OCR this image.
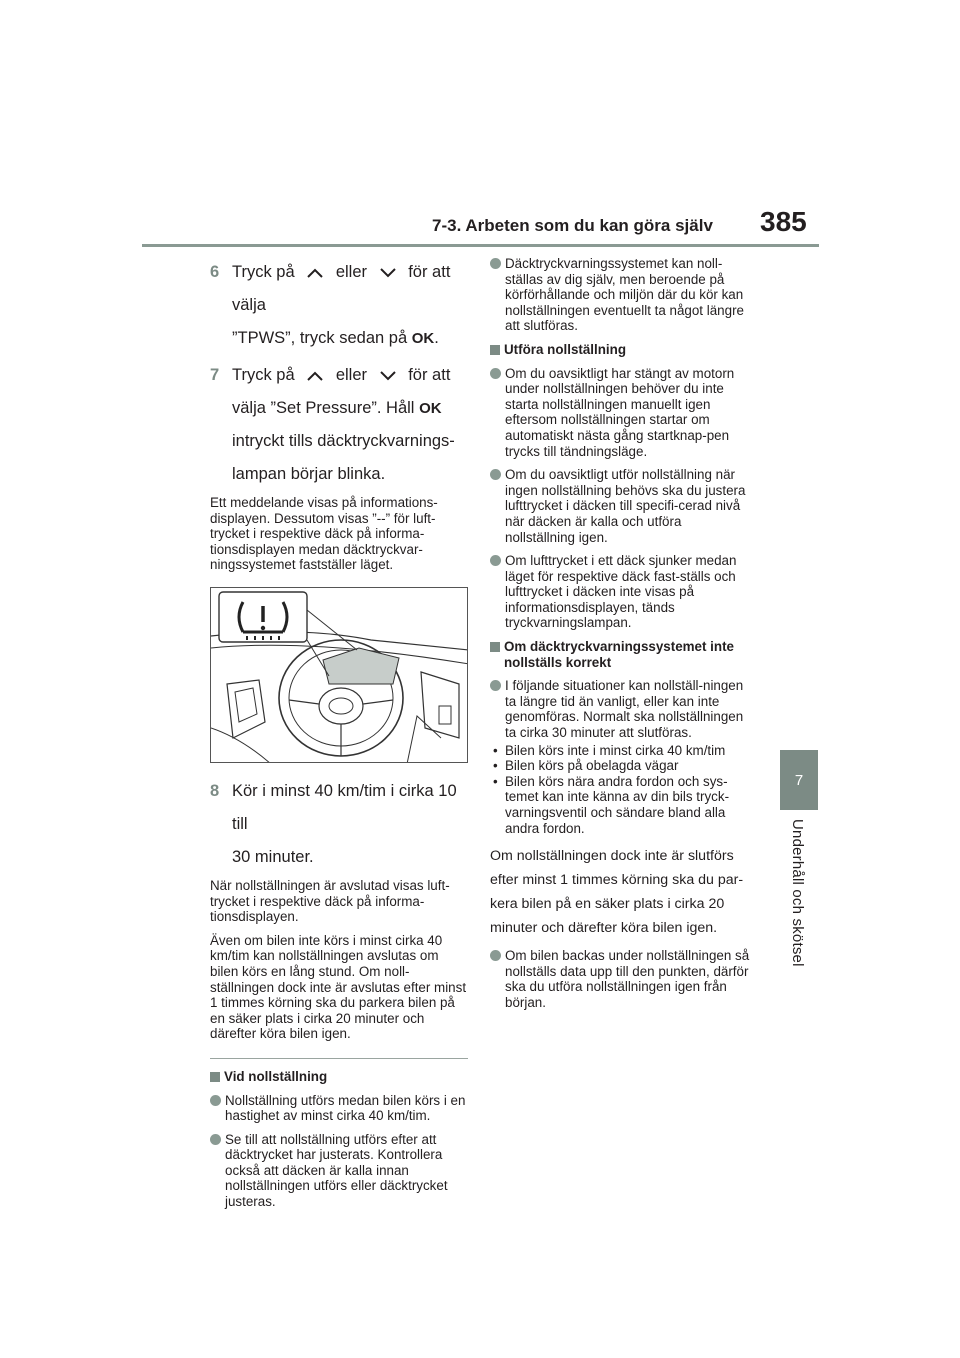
7-3. Arbeten som du kan göra själv 385
7
Underhåll och skötsel
6 Tryck på eller för att välja
”TPWS”, tryck sedan på OK.
7 Tryck på eller för att
välja ”Set Pressure”. Håll OK
intryckt tills däcktryckvarnings-
lampan börjar blinka.

Ett meddelande visas på informations-displayen. Dessutom visas ”--” för luft-trycket i respektive däck på informa-tionsdisplayen medan däcktryckvar-ningssystemet fastställer läget.

8 Kör i minst 40 km/tim i cirka 10 till
30 minuter.

När nollställningen är avslutad visas luft-trycket i respektive däck på informa-tionsdisplayen.

Även om bilen inte körs i minst cirka 40 km/tim kan nollställningen avslutas om bilen körs en lång stund. Om noll-ställningen dock inte är avslutas efter minst 1 timmes körning ska du parkera bilen på en säker plats i cirka 20 minuter och därefter köra bilen igen.

Vid nollställning
Nollställning utförs medan bilen körs i en hastighet av minst cirka 40 km/tim.
Se till att nollställning utförs efter att däcktrycket har justerats. Kontrollera också att däcken är kalla innan nollställningen utförs eller däcktrycket justeras.
Däcktryckvarningssystemet kan noll-ställas av dig själv, men beroende på körförhållande och miljön där du kör kan nollställningen eventuellt ta något längre att slutföras.
Utföra nollställning
Om du oavsiktligt har stängt av motorn under nollställningen behöver du inte starta nollställningen manuellt igen eftersom nollställningen startar om automatiskt nästa gång startknap-pen trycks till tändningsläge.
Om du oavsiktligt utför nollställning när ingen nollställning behövs ska du justera lufttrycket i däcken till specifi-cerad nivå när däcken är kalla och utföra nollställning igen.
Om lufttrycket i ett däck sjunker medan läget för respektive däck fast-ställs och lufttrycket i däcken inte visas på informationsdisplayen, tänds tryckvarningslampan.
Om däcktryckvarningssystemet inte nollställs korrekt
I följande situationer kan nollställ-ningen ta längre tid än vanligt, eller kan inte genomföras. Normalt ska nollställningen ta cirka 30 minuter att slutföras.
• Bilen körs inte i minst cirka 40 km/tim
• Bilen körs på obelagda vägar
• Bilen körs nära andra fordon och sys-temet kan inte känna av din bils tryck-varningsventil och sändare bland alla andra fordon.

Om nollställningen dock inte är slutförs efter minst 1 timmes körning ska du par-kera bilen på en säker plats i cirka 20 minuter och därefter köra bilen igen.

Om bilen backas under nollställningen så nollställs data upp till den punkten, därför ska du utföra nollställningen igen från början.
